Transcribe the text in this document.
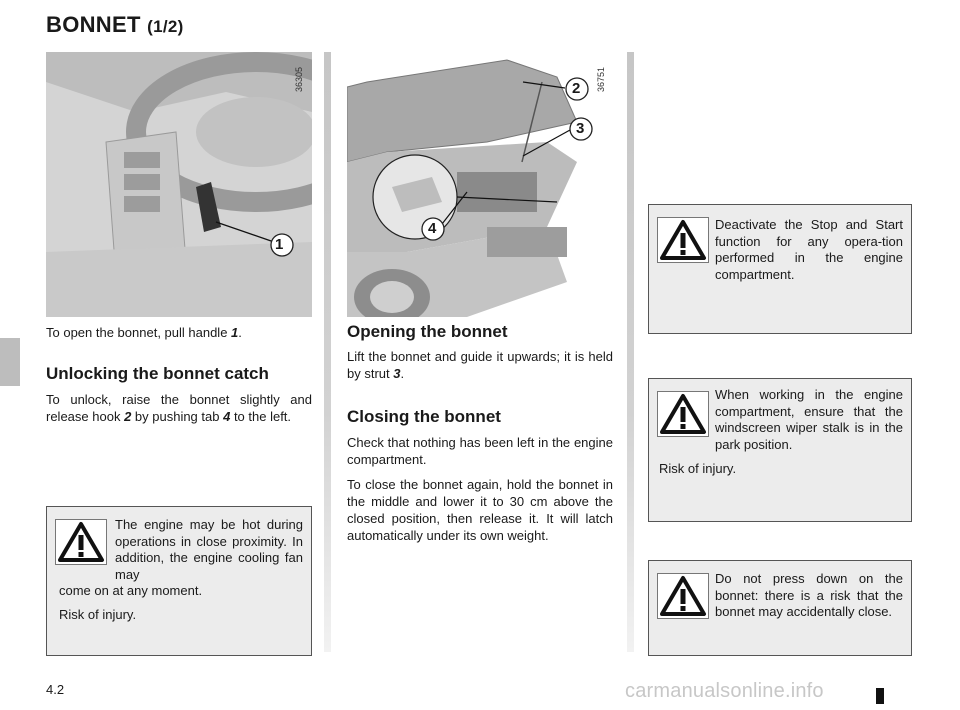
BONNET (1/2)
1
36305	2
3
4
36751
To open the bonnet, pull handle 1.
Unlocking the bonnet catch
To unlock, raise the bonnet slightly and release hook 2 by pushing tab 4 to the left.
Opening the bonnet
Lift the bonnet and guide it upwards; it is held by strut 3.
Closing the bonnet
Check that nothing has been left in the engine compartment.
To close the bonnet again, hold the bonnet in the middle and lower it to 30 cm above the closed position, then release it. It will latch automatically under its own weight.
The engine may be hot during operations in close proximity. In addition, the engine cooling fan may
come on at any moment.
Risk of injury.
Deactivate the Stop and Start function for any opera-tion performed in the engine compartment.
When working in the engine compartment, ensure that the windscreen wiper stalk is in the park position.
Risk of injury.
Do not press down on the bonnet: there is a risk that the bonnet may accidentally close.
4.2	carmanualsonline.info
